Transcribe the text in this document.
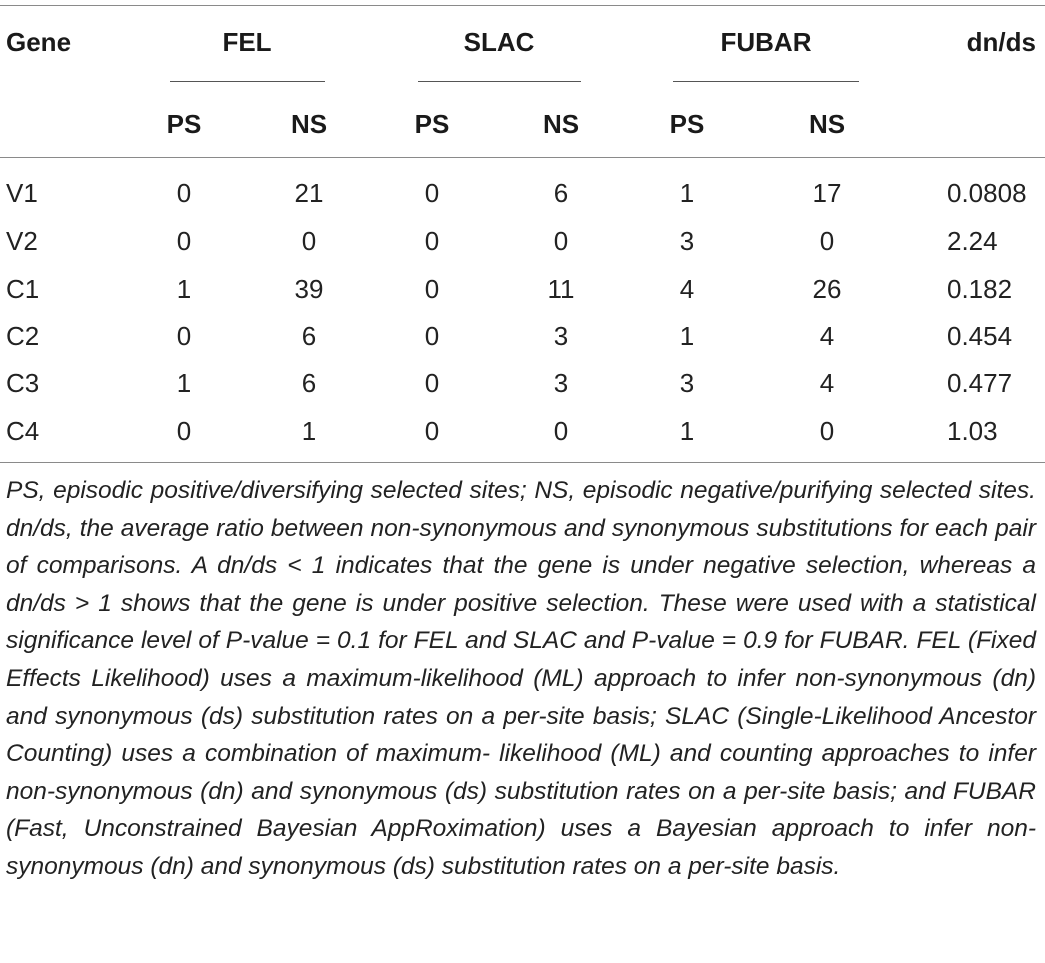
Gene	FEL	SLAC	FUBAR	dn/ds
PS	NS	PS	NS	PS	NS
V1	0	21	0	6	1	17	0.0808
V2	0	0	0	0	3	0	2.24
C1	1	39	0	11	4	26	0.182
C2	0	6	0	3	1	4	0.454
C3	1	6	0	3	3	4	0.477
C4	0	1	0	0	1	0	1.03
PS, episodic positive/diversifying selected sites; NS, episodic negative/purifying selected sites. dn/ds, the average ratio between non-synonymous and synonymous substitutions for each pair of comparisons. A dn/ds < 1 indicates that the gene is under negative selection, whereas a dn/ds > 1 shows that the gene is under positive selection. These were used with a statistical significance level of P-value = 0.1 for FEL and SLAC and P-value = 0.9 for FUBAR. FEL (Fixed Effects Likelihood) uses a maximum-likelihood (ML) approach to infer non-synonymous (dn) and synonymous (ds) substitution rates on a per-site basis; SLAC (Single-Likelihood Ancestor Counting) uses a combination of maximum- likelihood (ML) and counting approaches to infer non-synonymous (dn) and synonymous (ds) substitution rates on a per-site basis; and FUBAR (Fast, Unconstrained Bayesian AppRoximation) uses a Bayesian approach to infer non-synonymous (dn) and synonymous (ds) substitution rates on a per-site basis.
